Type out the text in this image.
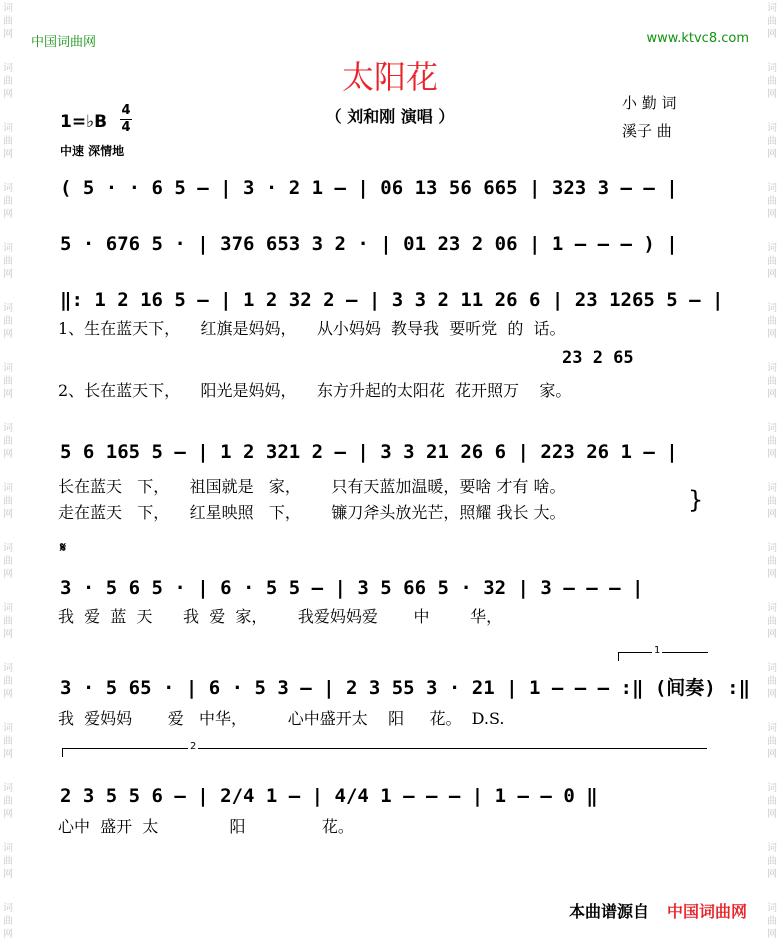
词
曲
网
词
曲
网
词
曲
网
词
曲
网
词
曲
网
词
曲
网
词
曲
网
词
曲
网
词
曲
网
词
曲
网
词
曲
网
词
曲
网
词
曲
网
词
曲
网
词
曲
网
词
曲
网
词
曲
网
词
曲
网
词
曲
网
词
曲
网
词
曲
网
词
曲
网
词
曲
网
词
曲
网
词
曲
网
词
曲
网
词
曲
网
词
曲
网
词
曲
网
词
曲
网
词
曲
网
词
曲
网
中国词曲网	www.ktvc8.com
太阳花
（ 刘和刚 演唱 ）
小 勤 词
溪子 曲
1=♭B
4
4
中速 深情地
( 5 · · 6 5 – | 3 · 2 1 – | 06 13 56 665 | 323 3 – – |
5 · 676 5 · | 376 653 3 2 · | 01 23 2 06 | 1 – – – ) |
‖: 1 2 16 5 – | 1 2 32 2 – | 3 3 2 11 26 6 | 23 1265 5 – |
1、生在蓝天下，    红旗是妈妈，    从小妈妈  教导我  要听党  的  话。
23 2 65
2、长在蓝天下，    阳光是妈妈，    东方升起的太阳花  花开照万    家。
5 6 165 5 – | 1 2 321 2 – | 3 3 21 26 6 | 223 26 1 – |
长在蓝天   下，    祖国就是   家，      只有天蓝加温暖，要啥 才有 啥。
走在蓝天   下，    红星映照   下，      镰刀斧头放光芒，照耀 我长 大。	}
𝄋
3 · 5 6 5 · | 6 · 5 5 – | 3 5 66 5 · 32 | 3 – – – |
我  爱  蓝  天      我  爱  家，      我爱妈妈爱       中        华，
1
3 · 5 65 · | 6 · 5 3 – | 2 3 55 3 · 21 | 1 – – – :‖ (间奏) :‖
我  爱妈妈       爱   中华，        心中盛开太    阳     花。  D.S.
2
2 3 5 5 6 – | 2/4 1 – | 4/4 1 – – – | 1 – – 0 ‖
心中  盛开  太              阳               花。
本曲谱源自 中国词曲网
